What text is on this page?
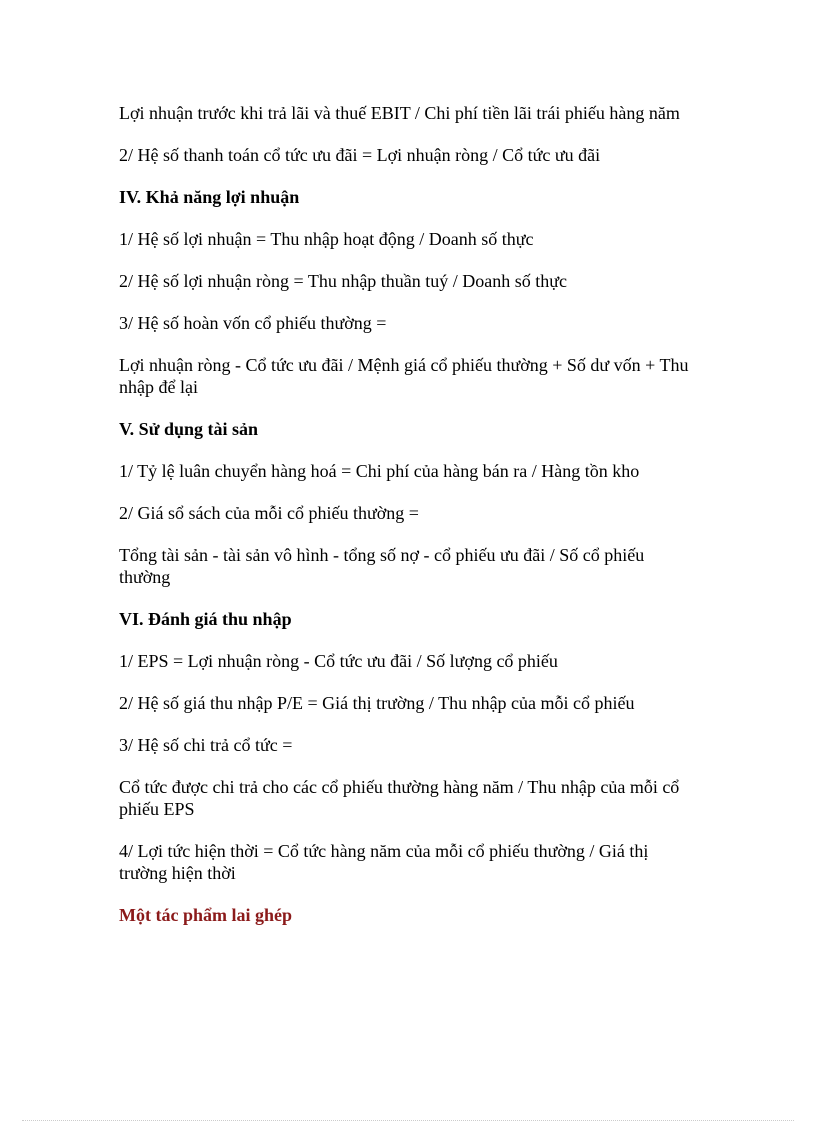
Lợi nhuận trước khi trả lãi và thuế EBIT / Chi phí tiền lãi trái phiếu hàng năm

2/ Hệ số thanh toán cổ tức ưu đãi = Lợi nhuận ròng / Cổ tức ưu đãi

IV. Khả năng lợi nhuận

1/ Hệ số lợi nhuận = Thu nhập hoạt động / Doanh số thực

2/ Hệ số lợi nhuận ròng = Thu nhập thuần tuý / Doanh số thực

3/ Hệ số hoàn vốn cổ phiếu thường =

Lợi nhuận ròng - Cổ tức ưu đãi / Mệnh giá cổ phiếu thường + Số dư vốn + Thu nhập để lại

V. Sử dụng tài sản

1/ Tỷ lệ luân chuyển hàng hoá = Chi phí của hàng bán ra / Hàng tồn kho

2/ Giá sổ sách của mỗi cổ phiếu thường =

Tổng tài sản - tài sản vô hình - tổng số nợ - cổ phiếu ưu đãi / Số cổ phiếu thường

VI. Đánh giá thu nhập

1/ EPS = Lợi nhuận ròng - Cổ tức ưu đãi / Số lượng cổ phiếu

2/ Hệ số giá thu nhập P/E = Giá thị trường / Thu nhập của mỗi cổ phiếu

3/ Hệ số chi trả cổ tức =

Cổ tức được chi trả cho các cổ phiếu thường hàng năm / Thu nhập của mỗi cổ phiếu EPS

4/ Lợi tức hiện thời = Cổ tức hàng năm của mỗi cổ phiếu thường / Giá thị trường hiện thời

Một tác phẩm lai ghép
